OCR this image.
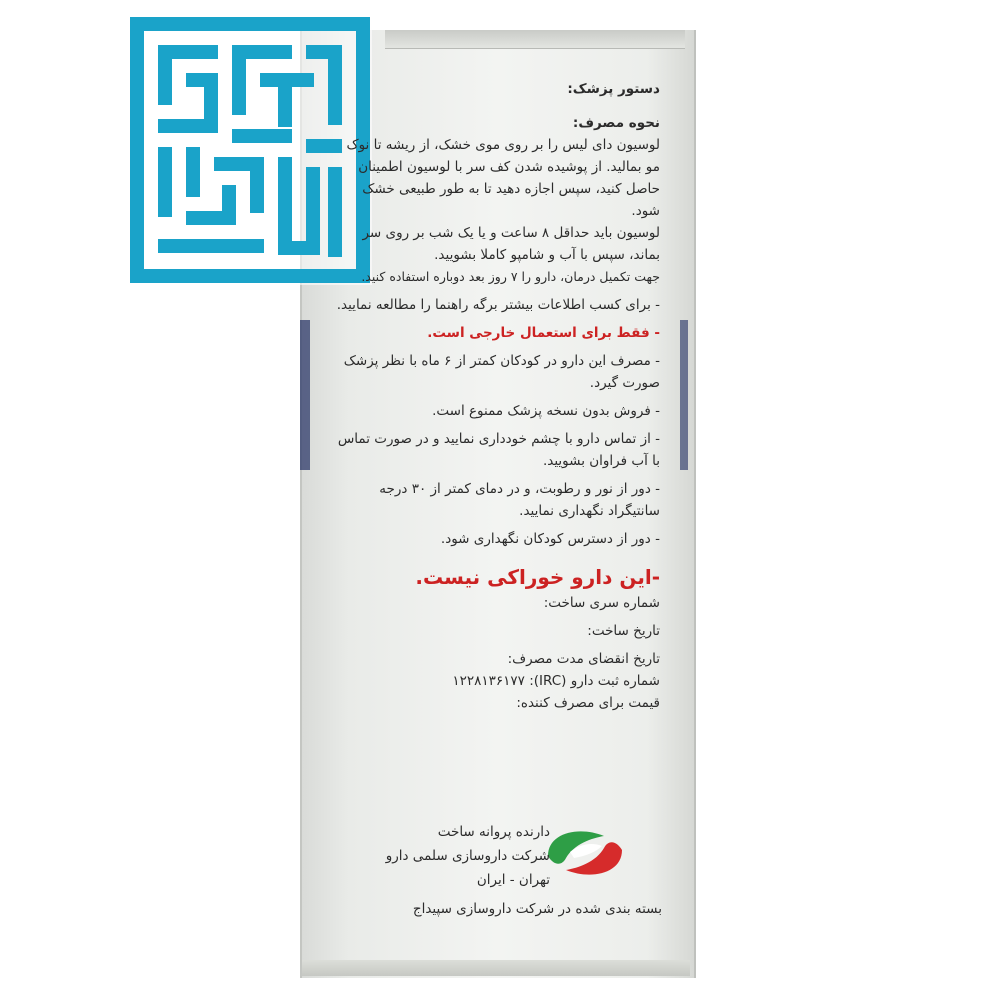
دستور پزشک:
نحوه مصرف:
لوسیون دای لیس را بر روی موی خشک، از ریشه تا نوک مو بمالید. از پوشیده شدن کف سر با لوسیون اطمینان حاصل کنید، سپس اجازه دهید تا به طور طبیعی خشک شود.
لوسیون باید حداقل ۸ ساعت و یا یک شب بر روی سر بماند، سپس با آب و شامپو کاملا بشویید.
جهت تکمیل درمان، دارو را ۷ روز بعد دوباره استفاده کنید.
- برای کسب اطلاعات بیشتر برگه راهنما را مطالعه نمایید.
- فقط برای استعمال خارجی است.
- مصرف این دارو در کودکان کمتر از ۶ ماه با نظر پزشک صورت گیرد.
- فروش بدون نسخه پزشک ممنوع است.
- از تماس دارو با چشم خودداری نمایید و در صورت تماس با آب فراوان بشویید.
- دور از نور و رطوبت، و در دمای کمتر از ۳۰ درجه سانتیگراد نگهداری نمایید.
- دور از دسترس کودکان نگهداری شود.
-این دارو خوراکی نیست.
شماره سری ساخت:
تاریخ ساخت:
تاریخ انقضای مدت مصرف:
شماره ثبت دارو (IRC): ۱۲۲۸۱۳۶۱۷۷
قیمت برای مصرف کننده:
دارنده پروانه ساخت
شرکت داروسازی سلمی دارو
تهران - ایران
بسته بندی شده در شرکت داروسازی سپیداج
